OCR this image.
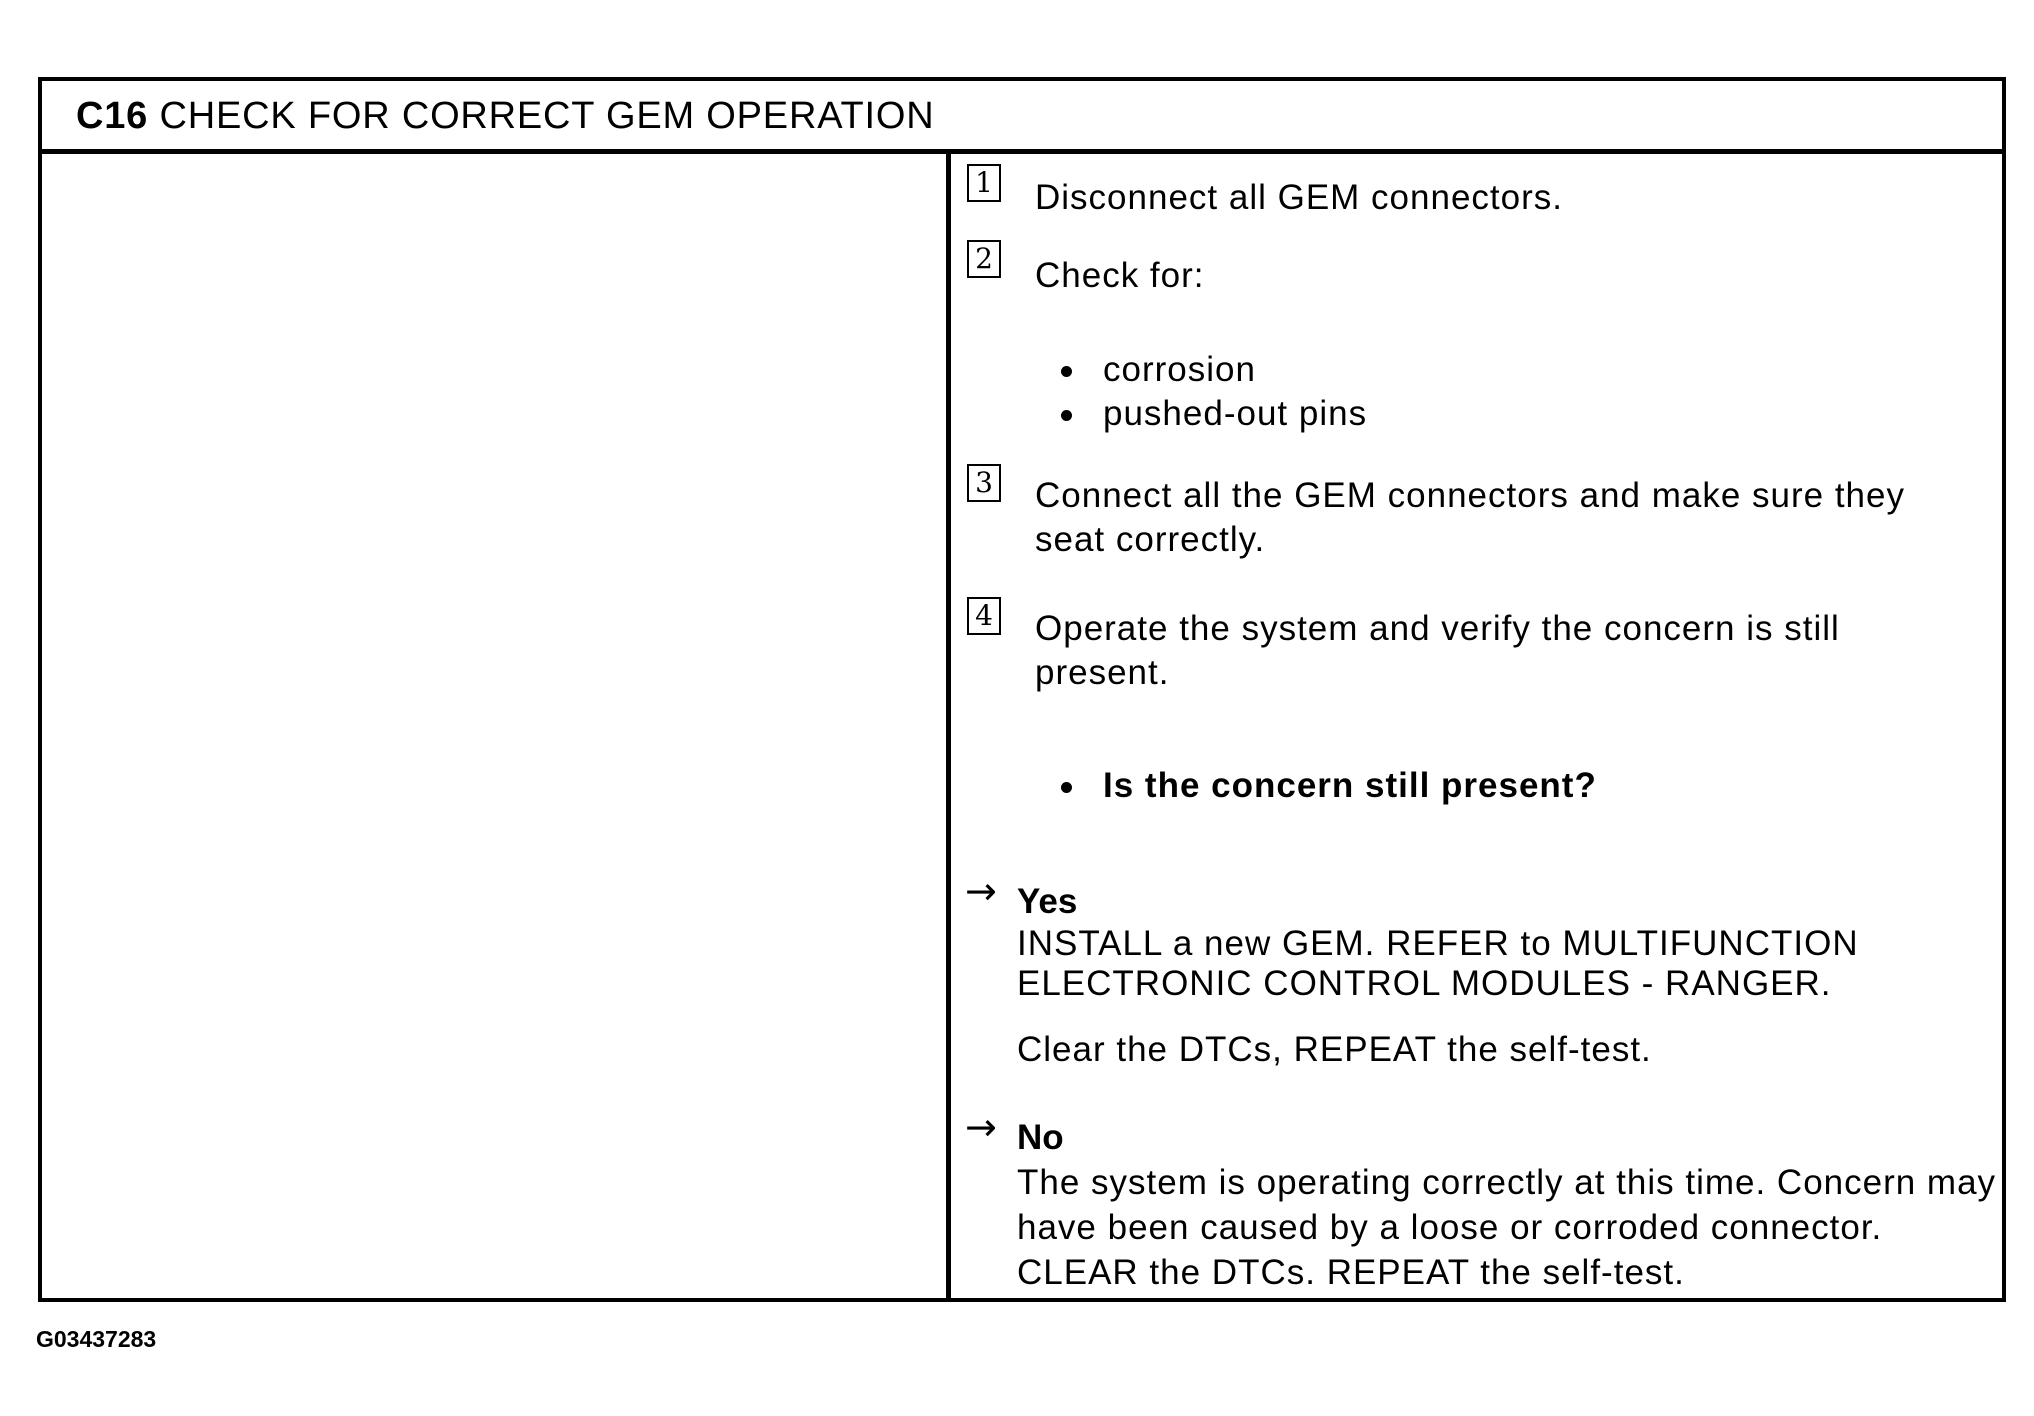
C16 CHECK FOR CORRECT GEM OPERATION
1 Disconnect all GEM connectors.
2 Check for:
corrosion
pushed-out pins
3 Connect all the GEM connectors and make sure they seat correctly.
4 Operate the system and verify the concern is still present.
Is the concern still present?
→ Yes
INSTALL a new GEM. REFER to MULTIFUNCTION ELECTRONIC CONTROL MODULES - RANGER.
Clear the DTCs, REPEAT the self-test.
→ No
The system is operating correctly at this time. Concern may have been caused by a loose or corroded connector. CLEAR the DTCs. REPEAT the self-test.
G03437283
